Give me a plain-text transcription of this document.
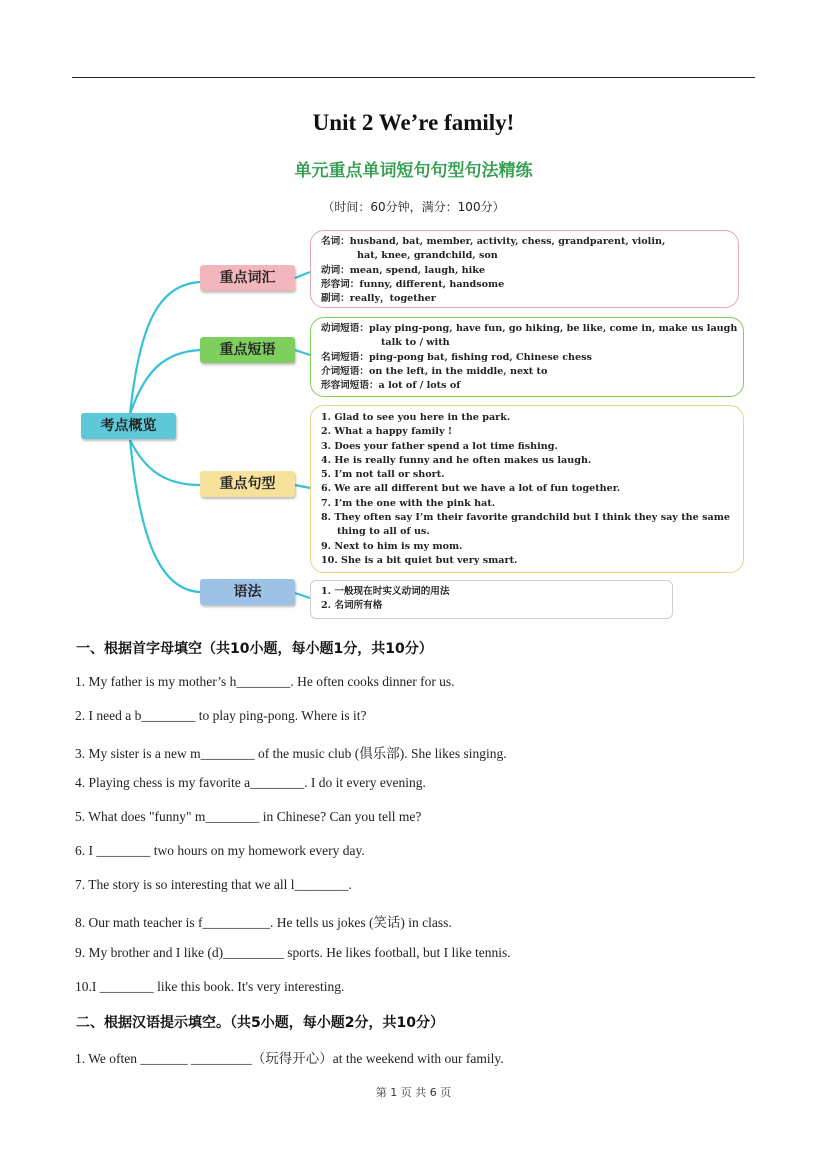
Unit 2 We’re family!
单元重点单词短句句型句法精练
（时间：60分钟，满分：100分）
考点概览
重点词汇
重点短语
重点句型
语法
名词：husband, bat, member, activity, chess, grandparent, violin,
hat, knee, grandchild, son
动词：mean, spend, laugh, hike
形容词：funny, different, handsome
副词：really，together
动词短语：play ping-pong, have fun, go hiking, be like, come in, make us laugh
talk to / with
名词短语：ping-pong bat, fishing rod, Chinese chess
介词短语：on the left, in the middle, next to
形容词短语：a lot of / lots of
1. Glad to see you here in the park.
2. What a happy family !
3. Does your father spend a lot time fishing.
4. He is really funny and he often makes us laugh.
5. I’m not tall or short.
6. We are all different but we have a lot of fun together.
7. I’m the one with the pink hat.
8. They often say I’m their favorite grandchild but I think they say the same
thing to all of us.
9. Next to him is my mom.
10. She is a bit quiet but very smart.
1. 一般现在时实义动词的用法
2. 名词所有格
一、根据首字母填空（共10小题，每小题1分，共10分）
1. My father is my mother’s h________. He often cooks dinner for us.
2. I need a b________ to play ping-pong. Where is it?
3. My sister is a new m________ of the music club (俱乐部). She likes singing.
4. Playing chess is my favorite a________. I do it every evening.
5. What does "funny" m________ in Chinese? Can you tell me?
6. I ________ two hours on my homework every day.
7. The story is so interesting that we all l________.
8. Our math teacher is f__________. He tells us jokes (笑话) in class.
9. My brother and I like (d)_________ sports. He likes football, but I like tennis.
10.I ________ like this book. It's very interesting.
二、根据汉语提示填空。（共5小题，每小题2分，共10分）
1. We often _______ _________（玩得开心）at the weekend with our family.
第 1 页 共 6 页
